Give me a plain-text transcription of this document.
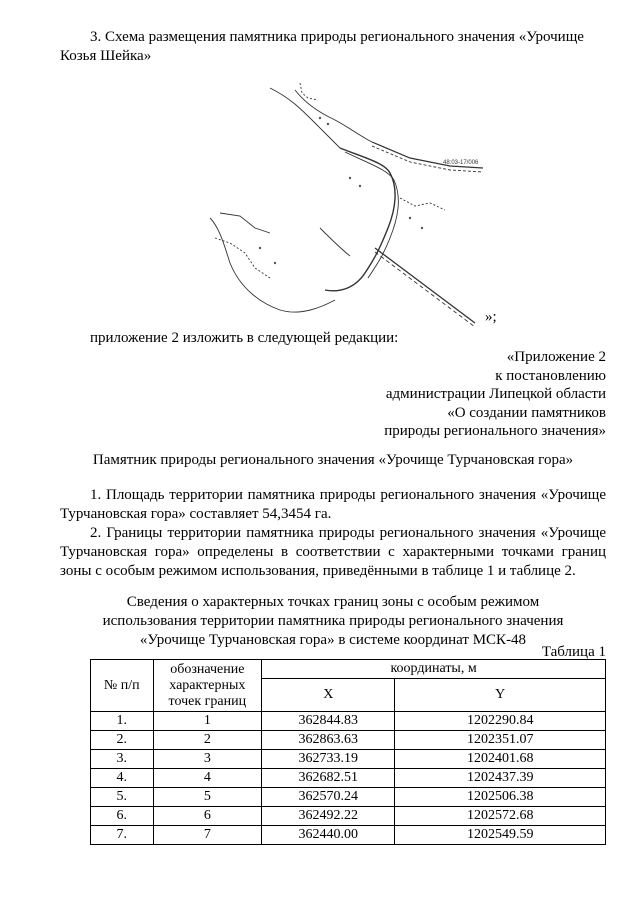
3. Схема размещения памятника природы регионального значения «Урочище
Козья Шейка»
48:03-17/006
»;
приложение 2 изложить в следующей редакции:
«Приложение 2
к постановлению
администрации Липецкой области
«О создании памятников
природы регионального значения»
Памятник природы регионального значения «Урочище Турчановская гора»
1. Площадь территории памятника природы регионального значения «Урочище Турчановская гора» составляет 54,3454 га.
2. Границы территории памятника природы регионального значения «Урочище Турчановская гора» определены в соответствии с характерными точками границ зоны с особым режимом использования, приведёнными в таблице 1 и таблице 2.
Сведения о характерных точках границ зоны с особым режимом
использования территории памятника природы регионального значения
«Урочище Турчановская гора» в системе координат МСК-48
Таблица 1
№ п/п	обозначение характерных точек границ	координаты, м	
		X	Y
1.	1	362844.83	1202290.84
2.	2	362863.63	1202351.07
3.	3	362733.19	1202401.68
4.	4	362682.51	1202437.39
5.	5	362570.24	1202506.38
6.	6	362492.22	1202572.68
7.	7	362440.00	1202549.59
